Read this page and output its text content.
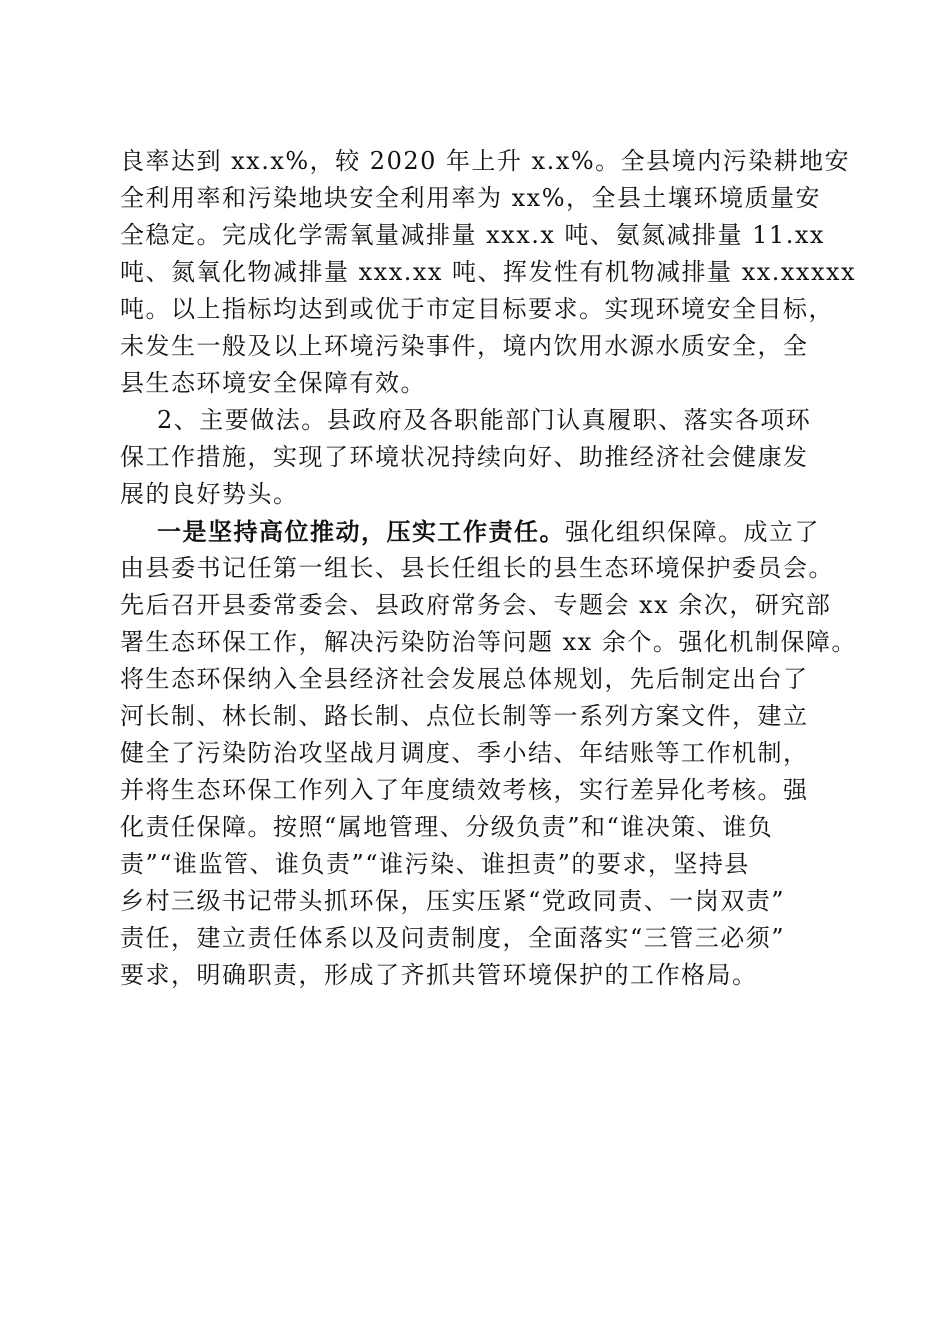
良率达到 xx.x%，较 2020 年上升 x.x%。全县境内污染耕地安
全利用率和污染地块安全利用率为 xx%，全县土壤环境质量安
全稳定。完成化学需氧量减排量 xxx.x 吨、氨氮减排量 11.xx
吨、氮氧化物减排量 xxx.xx 吨、挥发性有机物减排量 xx.xxxxx
吨。以上指标均达到或优于市定目标要求。实现环境安全目标，
未发生一般及以上环境污染事件，境内饮用水源水质安全，全
县生态环境安全保障有效。
2、主要做法。县政府及各职能部门认真履职、落实各项环
保工作措施，实现了环境状况持续向好、助推经济社会健康发
展的良好势头。
一是坚持高位推动，压实工作责任。强化组织保障。成立了
由县委书记任第一组长、县长任组长的县生态环境保护委员会。
先后召开县委常委会、县政府常务会、专题会 xx 余次，研究部
署生态环保工作，解决污染防治等问题 xx 余个。强化机制保障。
将生态环保纳入全县经济社会发展总体规划，先后制定出台了
河长制、林长制、路长制、点位长制等一系列方案文件，建立
健全了污染防治攻坚战月调度、季小结、年结账等工作机制，
并将生态环保工作列入了年度绩效考核，实行差异化考核。强
化责任保障。按照“属地管理、分级负责”和“谁决策、谁负
责”“谁监管、谁负责”“谁污染、谁担责”的要求，坚持县
乡村三级书记带头抓环保，压实压紧“党政同责、一岗双责”
责任，建立责任体系以及问责制度，全面落实“三管三必须”
要求，明确职责，形成了齐抓共管环境保护的工作格局。
